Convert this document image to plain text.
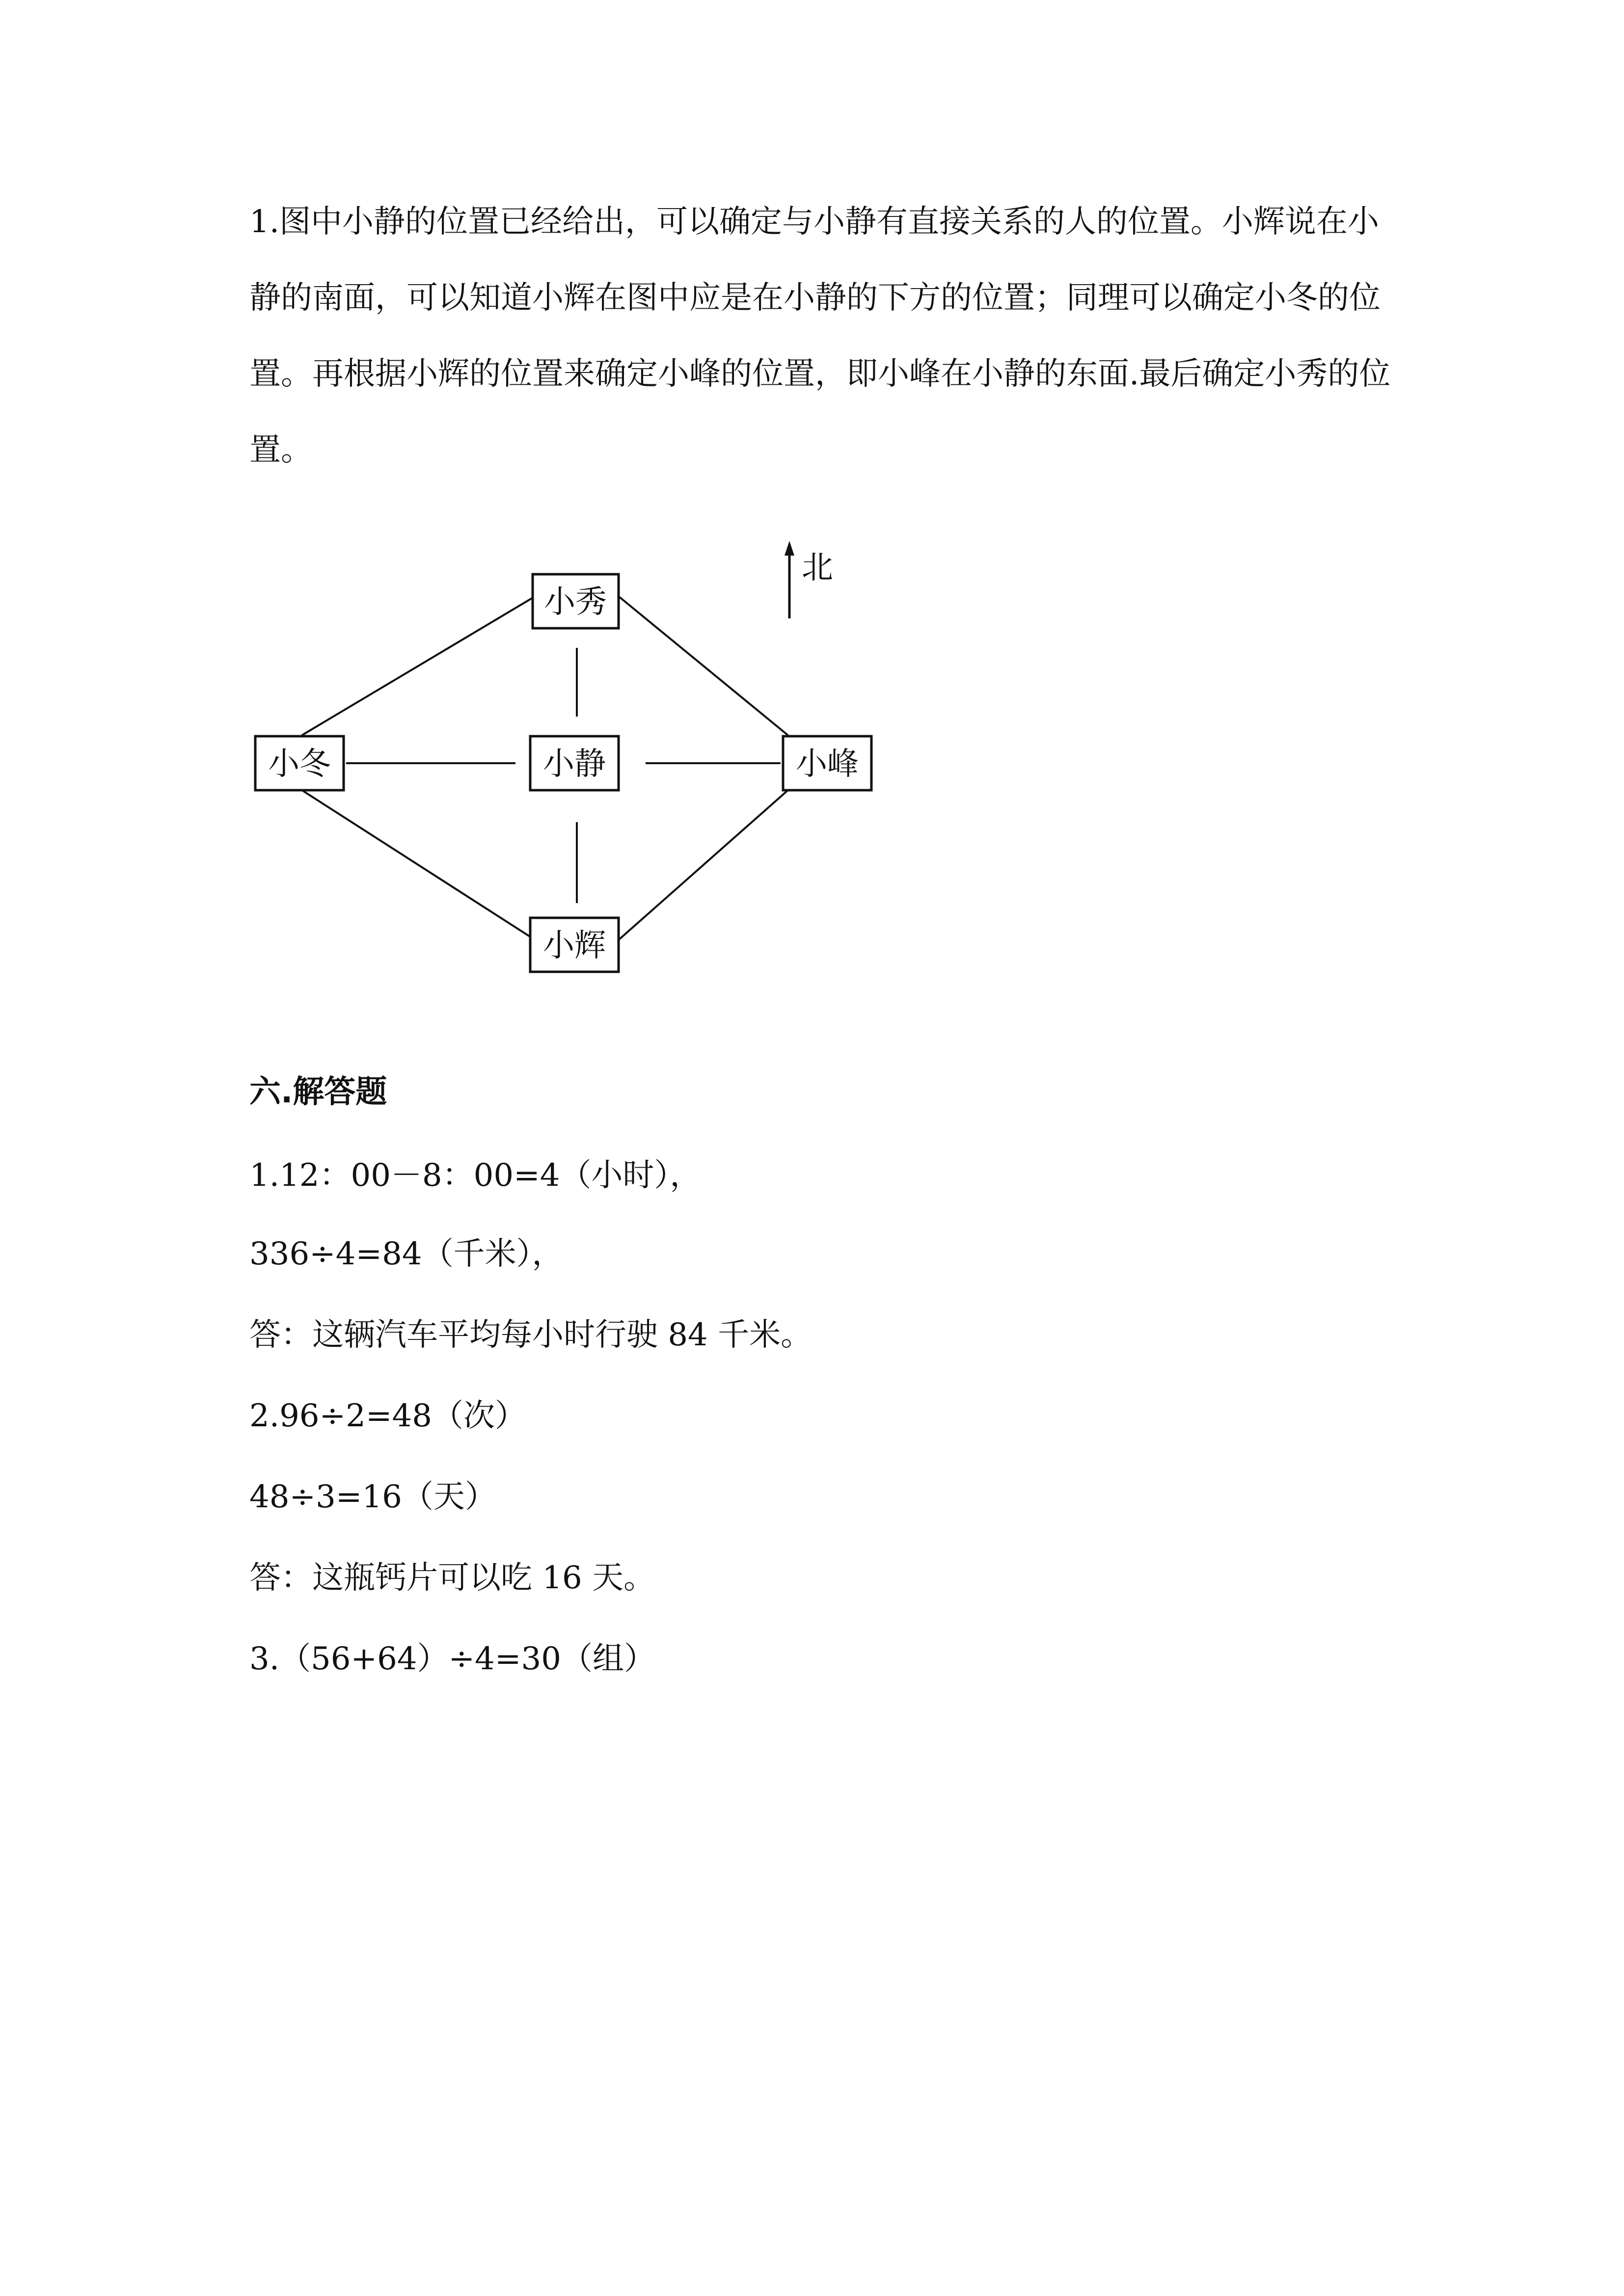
1.图中小静的位置已经给出，可以确定与小静有直接关系的人的位置。小辉说在小静的南面，可以知道小辉在图中应是在小静的下方的位置；同理可以确定小冬的位置。再根据小辉的位置来确定小峰的位置，即小峰在小静的东面.最后确定小秀的位置。

北
小秀
小静
小冬	小峰
小辉
六.解答题
1.12：00－8：00=4（小时），
336÷4=84（千米），
答：这辆汽车平均每小时行驶 84 千米。
2.96÷2=48（次）
48÷3=16（天）
答：这瓶钙片可以吃 16 天。
3.（56+64）÷4=30（组）
